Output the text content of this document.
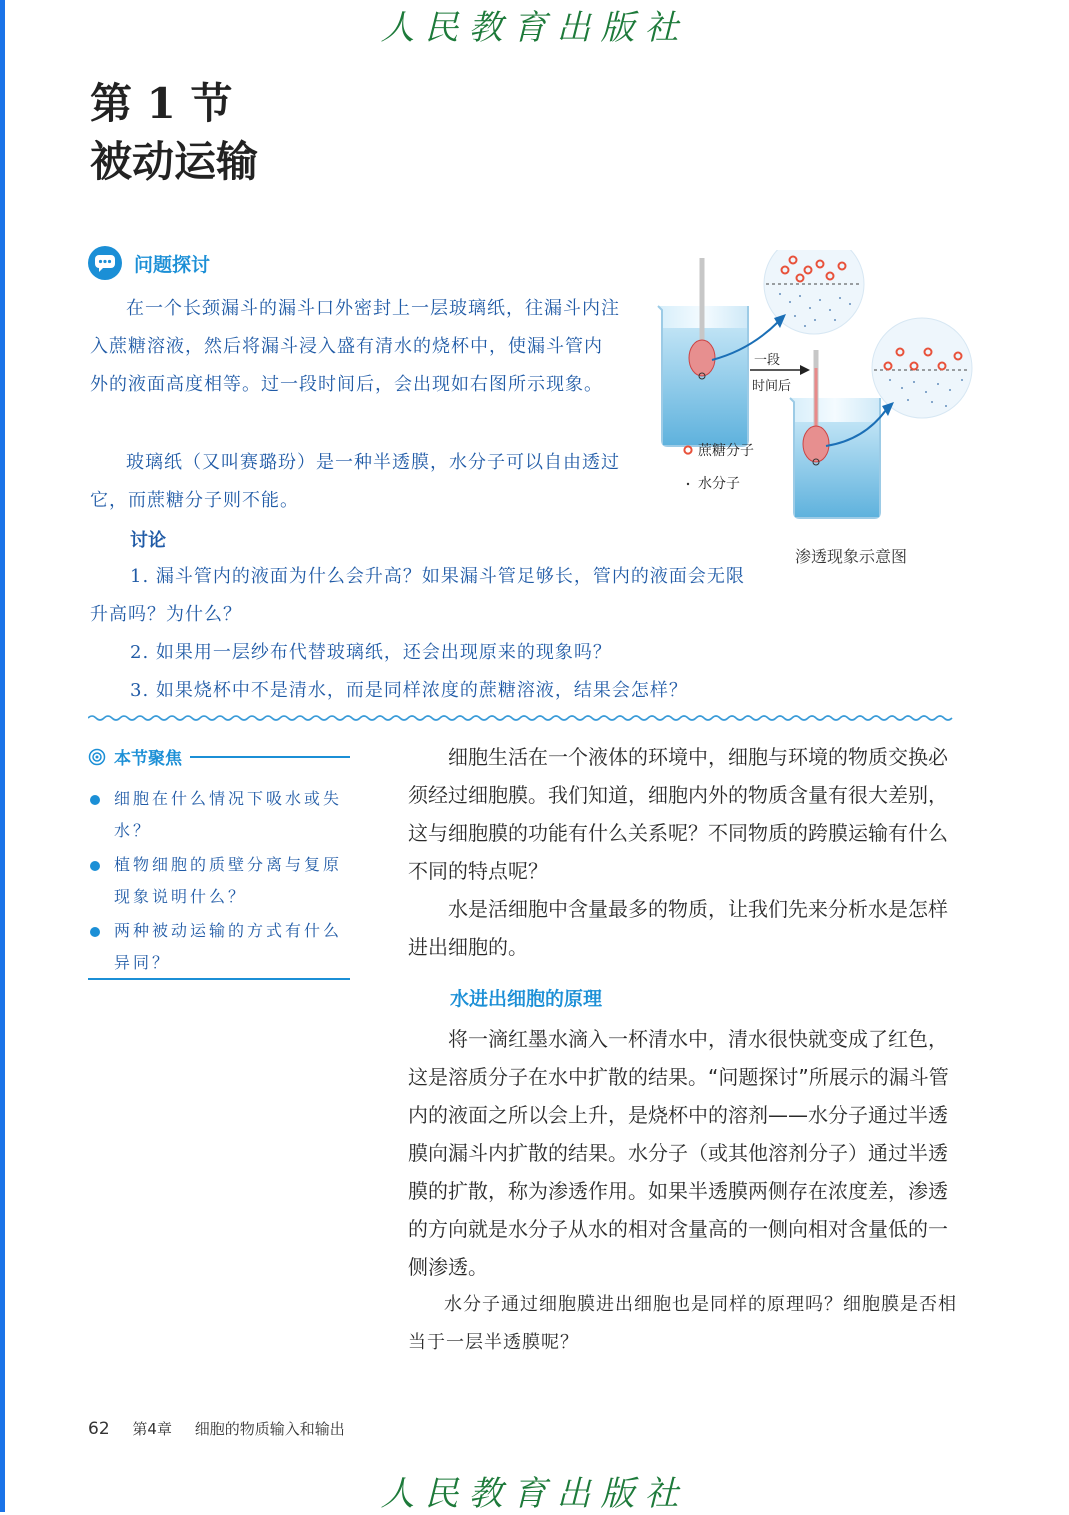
人民教育出版社
第 1 节
被动运输
问题探讨
在一个长颈漏斗的漏斗口外密封上一层玻璃纸，往漏斗内注入蔗糖溶液，然后将漏斗浸入盛有清水的烧杯中，使漏斗管内外的液面高度相等。过一段时间后，会出现如右图所示现象。
玻璃纸（又叫赛璐玢）是一种半透膜，水分子可以自由透过它，而蔗糖分子则不能。
讨论
1. 漏斗管内的液面为什么会升高？如果漏斗管足够长，管内的液面会无限升高吗？为什么？
2. 如果用一层纱布代替玻璃纸，还会出现原来的现象吗？
3. 如果烧杯中不是清水，而是同样浓度的蔗糖溶液，结果会怎样？
一段
时间后
蔗糖分子
水分子
渗透现象示意图
本节聚焦
细胞在什么情况下吸水或失水？
植物细胞的质壁分离与复原现象说明什么？
两种被动运输的方式有什么异同？
细胞生活在一个液体的环境中，细胞与环境的物质交换必须经过细胞膜。我们知道，细胞内外的物质含量有很大差别，这与细胞膜的功能有什么关系呢？不同物质的跨膜运输有什么不同的特点呢？
水是活细胞中含量最多的物质，让我们先来分析水是怎样进出细胞的。
水进出细胞的原理
将一滴红墨水滴入一杯清水中，清水很快就变成了红色，这是溶质分子在水中扩散的结果。“问题探讨”所展示的漏斗管内的液面之所以会上升，是烧杯中的溶剂——水分子通过半透膜向漏斗内扩散的结果。水分子（或其他溶剂分子）通过半透膜的扩散，称为渗透作用。如果半透膜两侧存在浓度差，渗透的方向就是水分子从水的相对含量高的一侧向相对含量低的一侧渗透。
水分子通过细胞膜进出细胞也是同样的原理吗？细胞膜是否相当于一层半透膜呢？
62 第4章 细胞的物质输入和输出
人民教育出版社
